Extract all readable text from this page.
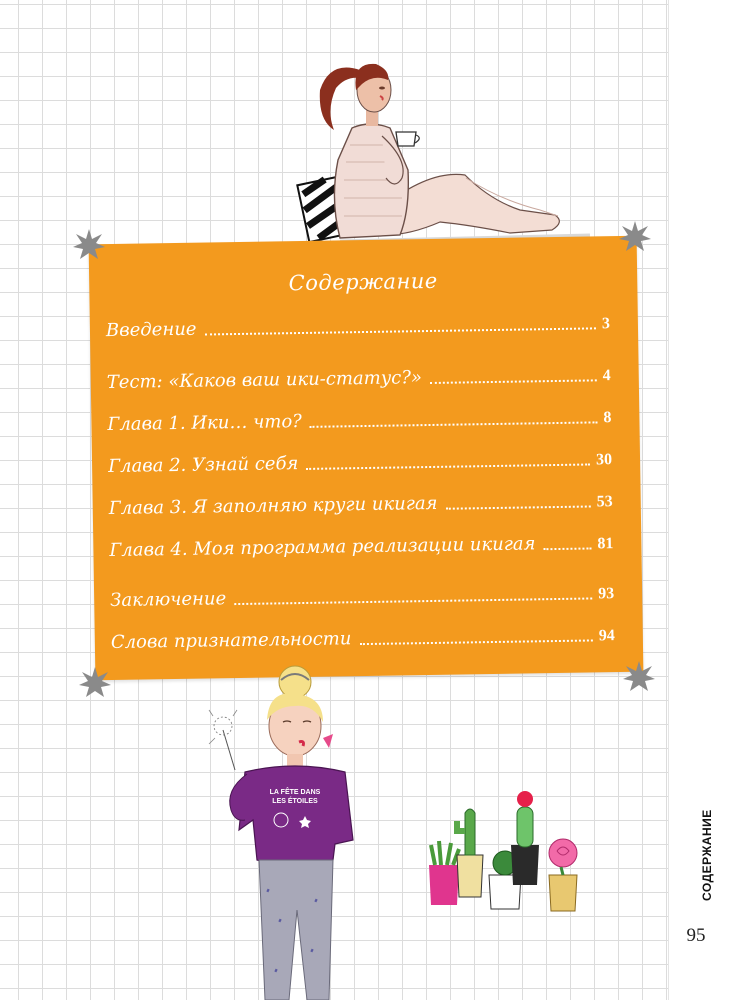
СОДЕРЖАНИЕ
95
Содержание
Введение	3
Тест: «Каков ваш ики-статус?»	4
Глава 1. Ики… что?	8
Глава 2. Узнай себя	30
Глава 3. Я заполняю круги икигая	53
Глава 4. Моя программа реализации икигая	81
Заключение	93
Слова признательности	94
LA FÊTE DANS
LES ÉTOILES
